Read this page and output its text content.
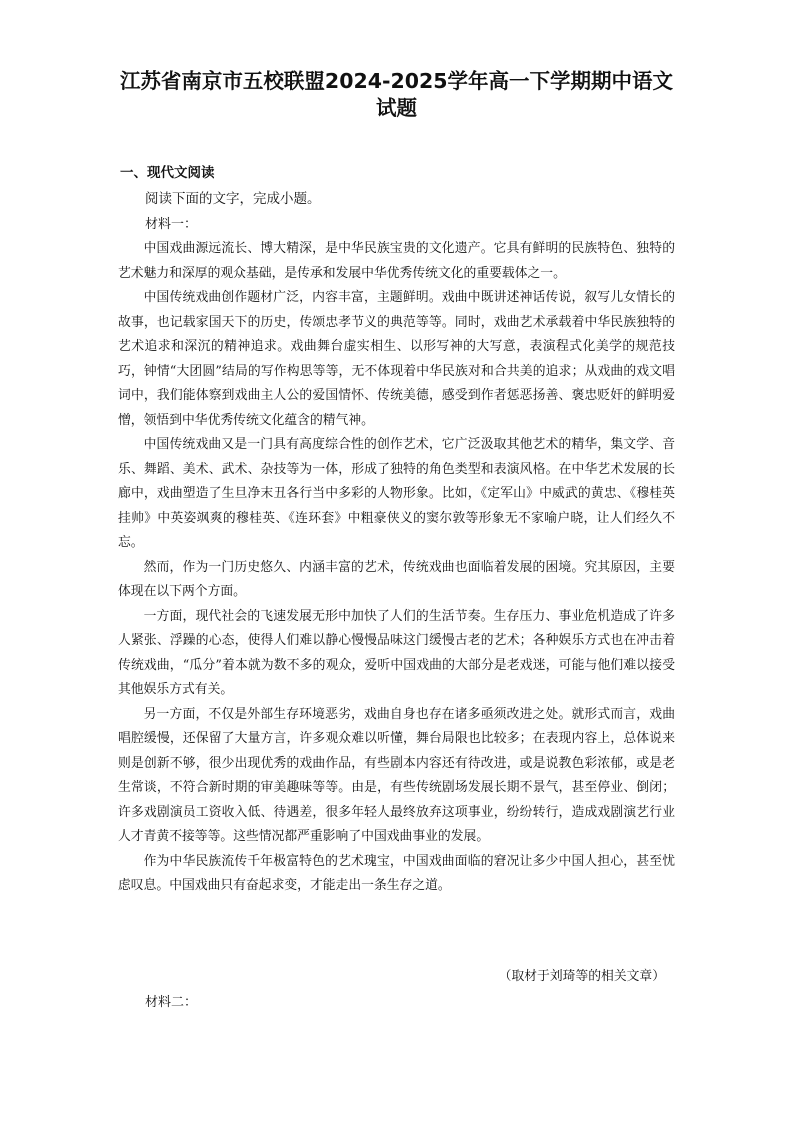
江苏省南京市五校联盟2024-2025学年高一下学期期中语文试题
一、现代文阅读
阅读下面的文字，完成小题。
材料一：

中国戏曲源远流长、博大精深，是中华民族宝贵的文化遗产。它具有鲜明的民族特色、独特的艺术魅力和深厚的观众基础，是传承和发展中华优秀传统文化的重要载体之一。

中国传统戏曲创作题材广泛，内容丰富，主题鲜明。戏曲中既讲述神话传说，叙写儿女情长的故事，也记载家国天下的历史，传颂忠孝节义的典范等等。同时，戏曲艺术承载着中华民族独特的艺术追求和深沉的精神追求。戏曲舞台虚实相生、以形写神的大写意，表演程式化美学的规范技巧，钟情“大团圆”结局的写作构思等等，无不体现着中华民族对和合共美的追求；从戏曲的戏文唱词中，我们能体察到戏曲主人公的爱国情怀、传统美德，感受到作者惩恶扬善、褒忠贬奸的鲜明爱憎，领悟到中华优秀传统文化蕴含的精气神。

中国传统戏曲又是一门具有高度综合性的创作艺术，它广泛汲取其他艺术的精华，集文学、音乐、舞蹈、美术、武术、杂技等为一体，形成了独特的角色类型和表演风格。在中华艺术发展的长廊中，戏曲塑造了生旦净末丑各行当中多彩的人物形象。比如，《定军山》中威武的黄忠、《穆桂英挂帅》中英姿飒爽的穆桂英、《连环套》中粗豪侠义的窦尔敦等形象无不家喻户晓，让人们经久不忘。

然而，作为一门历史悠久、内涵丰富的艺术，传统戏曲也面临着发展的困境。究其原因，主要体现在以下两个方面。

一方面，现代社会的飞速发展无形中加快了人们的生活节奏。生存压力、事业危机造成了许多人紧张、浮躁的心态，使得人们难以静心慢慢品味这门缓慢古老的艺术；各种娱乐方式也在冲击着传统戏曲，“瓜分”着本就为数不多的观众，爱听中国戏曲的大部分是老戏迷，可能与他们难以接受其他娱乐方式有关。

另一方面，不仅是外部生存环境恶劣，戏曲自身也存在诸多亟须改进之处。就形式而言，戏曲唱腔缓慢，还保留了大量方言，许多观众难以听懂，舞台局限也比较多；在表现内容上，总体说来则是创新不够，很少出现优秀的戏曲作品，有些剧本内容还有待改进，或是说教色彩浓郁，或是老生常谈，不符合新时期的审美趣味等等。由是，有些传统剧场发展长期不景气，甚至停业、倒闭；许多戏剧演员工资收入低、待遇差，很多年轻人最终放弃这项事业，纷纷转行，造成戏剧演艺行业人才青黄不接等等。这些情况都严重影响了中国戏曲事业的发展。

作为中华民族流传千年极富特色的艺术瑰宝，中国戏曲面临的窘况让多少中国人担心，甚至忧虑叹息。中国戏曲只有奋起求变，才能走出一条生存之道。

（取材于刘琦等的相关文章）
材料二：
